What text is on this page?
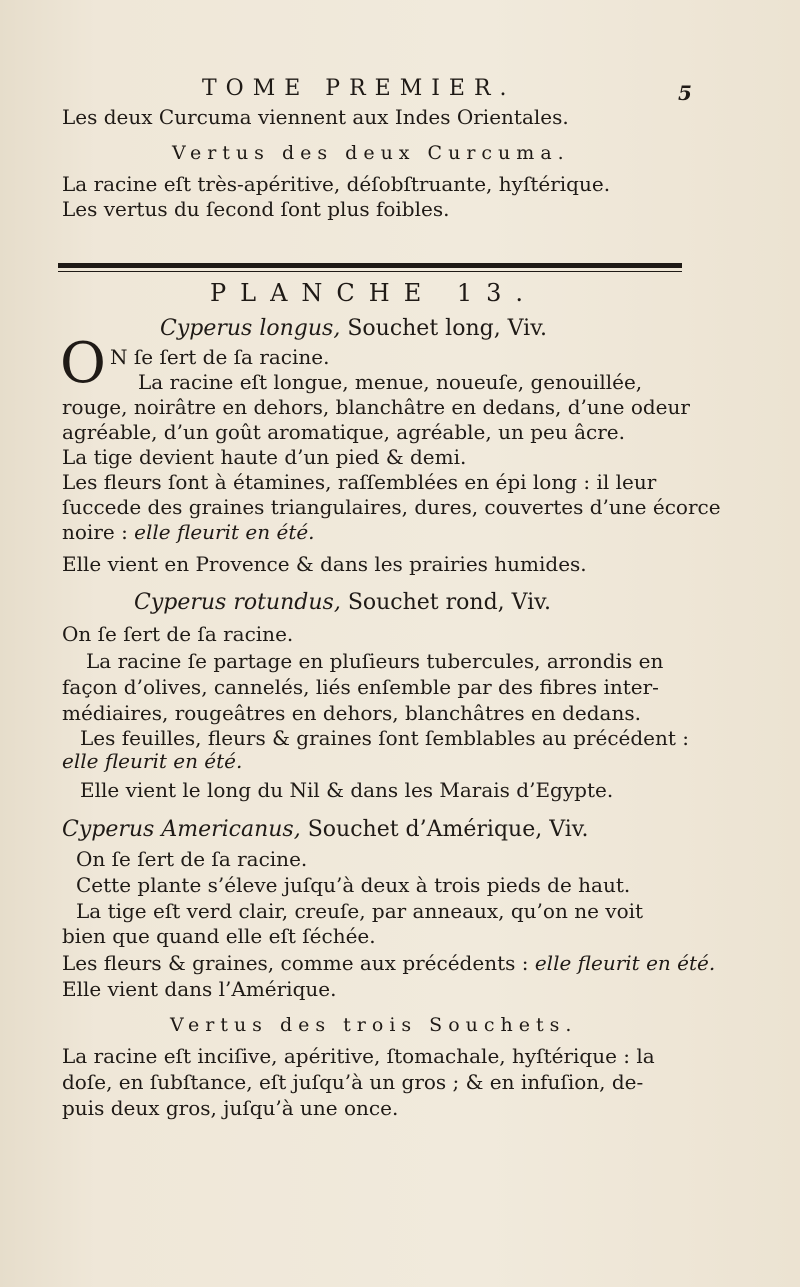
TOME PREMIER.	5
Les deux Curcuma viennent aux Indes Orientales.
Vertus des deux Curcuma.
La racine eſt très-apéritive, déſobſtruante, hyſtérique.
Les vertus du ſecond ſont plus foibles.
PLANCHE 13.
Cyperus longus, Souchet long, Viv.
O N ſe ſert de ſa racine.
La racine eſt longue, menue, noueuſe, genouillée,
rouge, noirâtre en dehors, blanchâtre en dedans, d’une odeur
agréable, d’un goût aromatique, agréable, un peu âcre.
La tige devient haute d’un pied & demi.
Les fleurs ſont à étamines, raſſemblées en épi long : il leur
ſuccede des graines triangulaires, dures, couvertes d’une écorce
noire : elle fleurit en été.
Elle vient en Provence & dans les prairies humides.
Cyperus rotundus, Souchet rond, Viv.
On ſe ſert de ſa racine.
La racine ſe partage en pluſieurs tubercules, arrondis en
façon d’olives, cannelés, liés enſemble par des fibres inter-
médiaires, rougeâtres en dehors, blanchâtres en dedans.
Les feuilles, fleurs & graines ſont ſemblables au précédent :
elle fleurit en été.
Elle vient le long du Nil & dans les Marais d’Egypte.
Cyperus Americanus, Souchet d’Amérique, Viv.
On ſe ſert de ſa racine.
Cette plante s’éleve juſqu’à deux à trois pieds de haut.
La tige eſt verd clair, creuſe, par anneaux, qu’on ne voit
bien que quand elle eſt ſéchée.
Les fleurs & graines, comme aux précédents : elle fleurit en été.
Elle vient dans l’Amérique.
Vertus des trois Souchets.
La racine eſt inciſive, apéritive, ſtomachale, hyſtérique : la
doſe, en ſubſtance, eſt juſqu’à un gros ; & en infuſion, de-
puis deux gros, juſqu’à une once.
